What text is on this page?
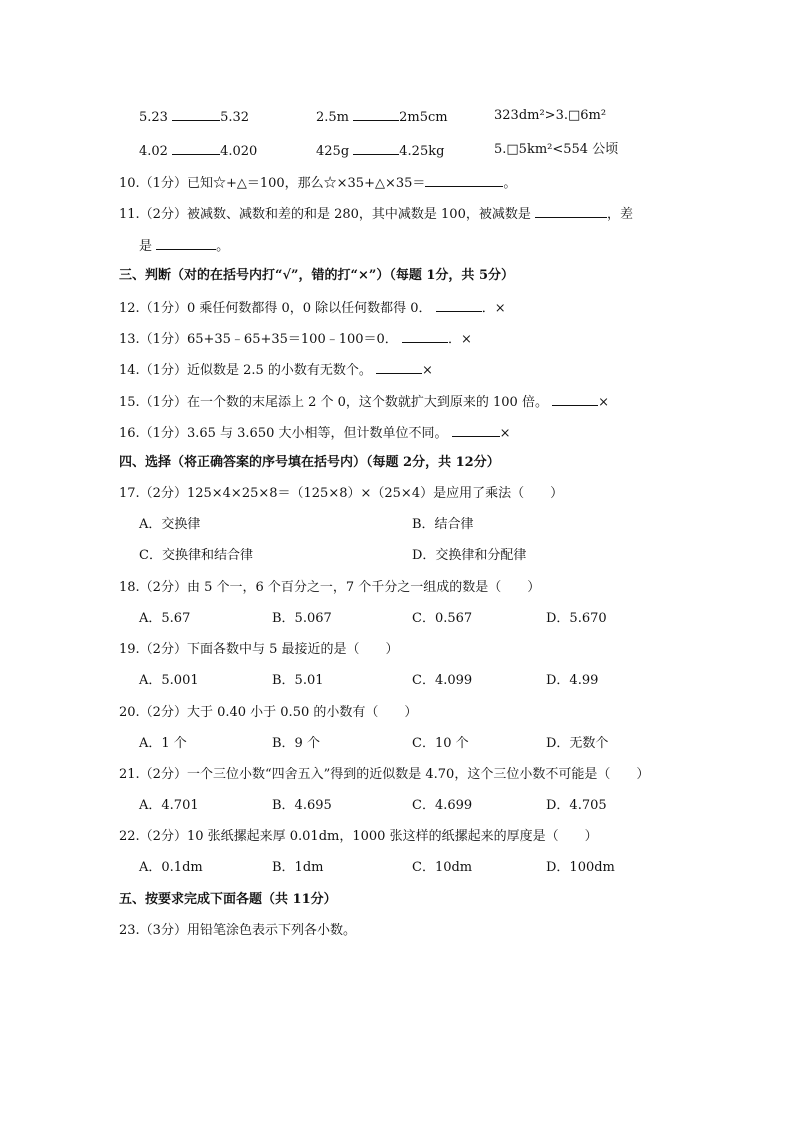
5.23	5.32	2.5m	2m5cm	323dm²>3.□6m²
4.02	4.020	425g	4.25kg	5.□5km²<554 公顷
10.（1分）已知☆+△＝100，那么☆×35+△×35＝	。
11.（2分）被减数、减数和差的和是 280，其中减数是 100，被减数是	，差
是	。
三、判断（对的在括号内打“√”，错的打“×”）（每题 1分，共 5分）
12.（1分）0 乘任何数都得 0，0 除以任何数都得 0．	．×
13.（1分）65+35﹣65+35＝100﹣100＝0．	．×
14.（1分）近似数是 2.5 的小数有无数个。	×
15.（1分）在一个数的末尾添上 2 个 0，这个数就扩大到原来的 100 倍。	×
16.（1分）3.65 与 3.650 大小相等，但计数单位不同。	×
四、选择（将正确答案的序号填在括号内）（每题 2分，共 12分）
17.（2分）125×4×25×8＝（125×8）×（25×4）是应用了乘法（　　）
A．交换律	B．结合律
C．交换律和结合律	D．交换律和分配律
18.（2分）由 5 个一，6 个百分之一，7 个千分之一组成的数是（　　）
A．5.67	B．5.067	C．0.567	D．5.670
19.（2分）下面各数中与 5 最接近的是（　　）
A．5.001	B．5.01	C．4.099	D．4.99
20.（2分）大于 0.40 小于 0.50 的小数有（　　）
A．1 个	B．9 个	C．10 个	D．无数个
21.（2分）一个三位小数“四舍五入”得到的近似数是 4.70，这个三位小数不可能是（　　）
A．4.701	B．4.695	C．4.699	D．4.705
22.（2分）10 张纸摞起来厚 0.01dm，1000 张这样的纸摞起来的厚度是（　　）
A．0.1dm	B．1dm	C．10dm	D．100dm
五、按要求完成下面各题（共 11分）
23.（3分）用铅笔涂色表示下列各小数。
